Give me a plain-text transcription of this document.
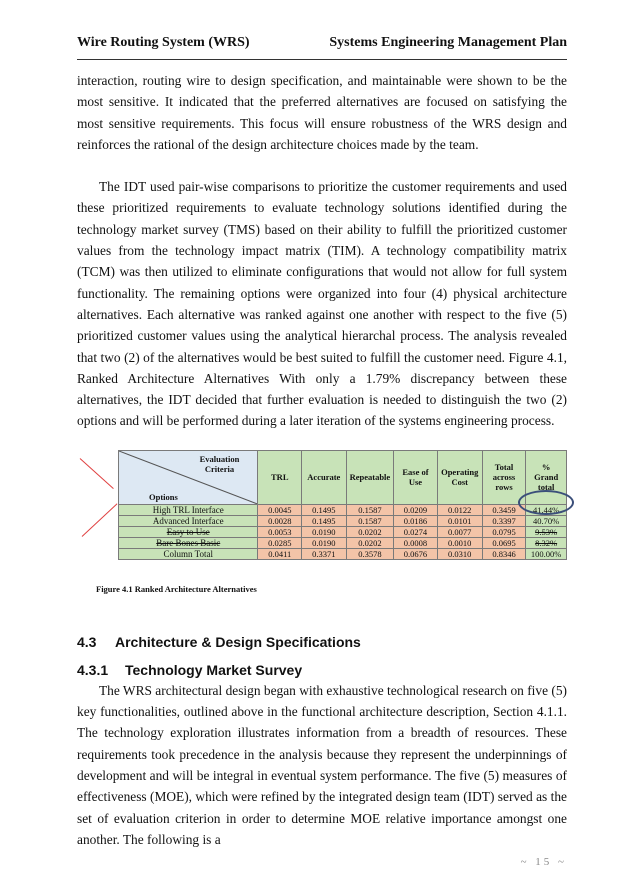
Wire Routing System (WRS)	Systems Engineering Management Plan

interaction, routing wire to design specification, and maintainable were shown to be the most sensitive. It indicated that the preferred alternatives are focused on satisfying the most sensitive requirements. This focus will ensure robustness of the WRS design and reinforces the rational of the design architecture choices made by the team.

The IDT used pair-wise comparisons to prioritize the customer requirements and used these prioritized requirements to evaluate technology solutions identified during the technology market survey (TMS) based on their ability to fulfill the prioritized customer values from the technology impact matrix (TIM). A technology compatibility matrix (TCM) was then utilized to eliminate configurations that would not allow for full system functionality. The remaining options were organized into four (4) physical architecture alternatives. Each alternative was ranked against one another with respect to the five (5) prioritized customer values using the analytical hierarchal process. The analysis revealed that two (2) of the alternatives would be best suited to fulfill the customer need. Figure 4.1, Ranked Architecture Alternatives With only a 1.79% discrepancy between these alternatives, the IDT decided that further evaluation is needed to distinguish the two (2) options and will be performed during a later iteration of the systems engineering process.

Evaluation Criteria
Options	TRL	Accurate	Repeatable	Ease of Use	Operating Cost	Total across rows	% Grand total
High TRL Interface	0.0045	0.1495	0.1587	0.0209	0.0122	0.3459	41.44%
Advanced Interface	0.0028	0.1495	0.1587	0.0186	0.0101	0.3397	40.70%
Easy to Use	0.0053	0.0190	0.0202	0.0274	0.0077	0.0795	9.53%
Bare Bones Basic	0.0285	0.0190	0.0202	0.0008	0.0010	0.0695	8.32%
Column Total	0.0411	0.3371	0.3578	0.0676	0.0310	0.8346	100.00%
Figure 4.1 Ranked Architecture Alternatives
4.3 Architecture & Design Specifications
4.3.1 Technology Market Survey

The WRS architectural design began with exhaustive technological research on five (5) key functionalities, outlined above in the functional architecture description, Section 4.1.1. The technology exploration illustrates information from a breadth of resources. These requirements took precedence in the analysis because they represent the underpinnings of development and will be integral in eventual system performance. The five (5) measures of effectiveness (MOE), which were refined by the integrated design team (IDT) served as the set of evaluation criterion in order to determine MOE relative importance amongst one another. The following is a

~ 15 ~
